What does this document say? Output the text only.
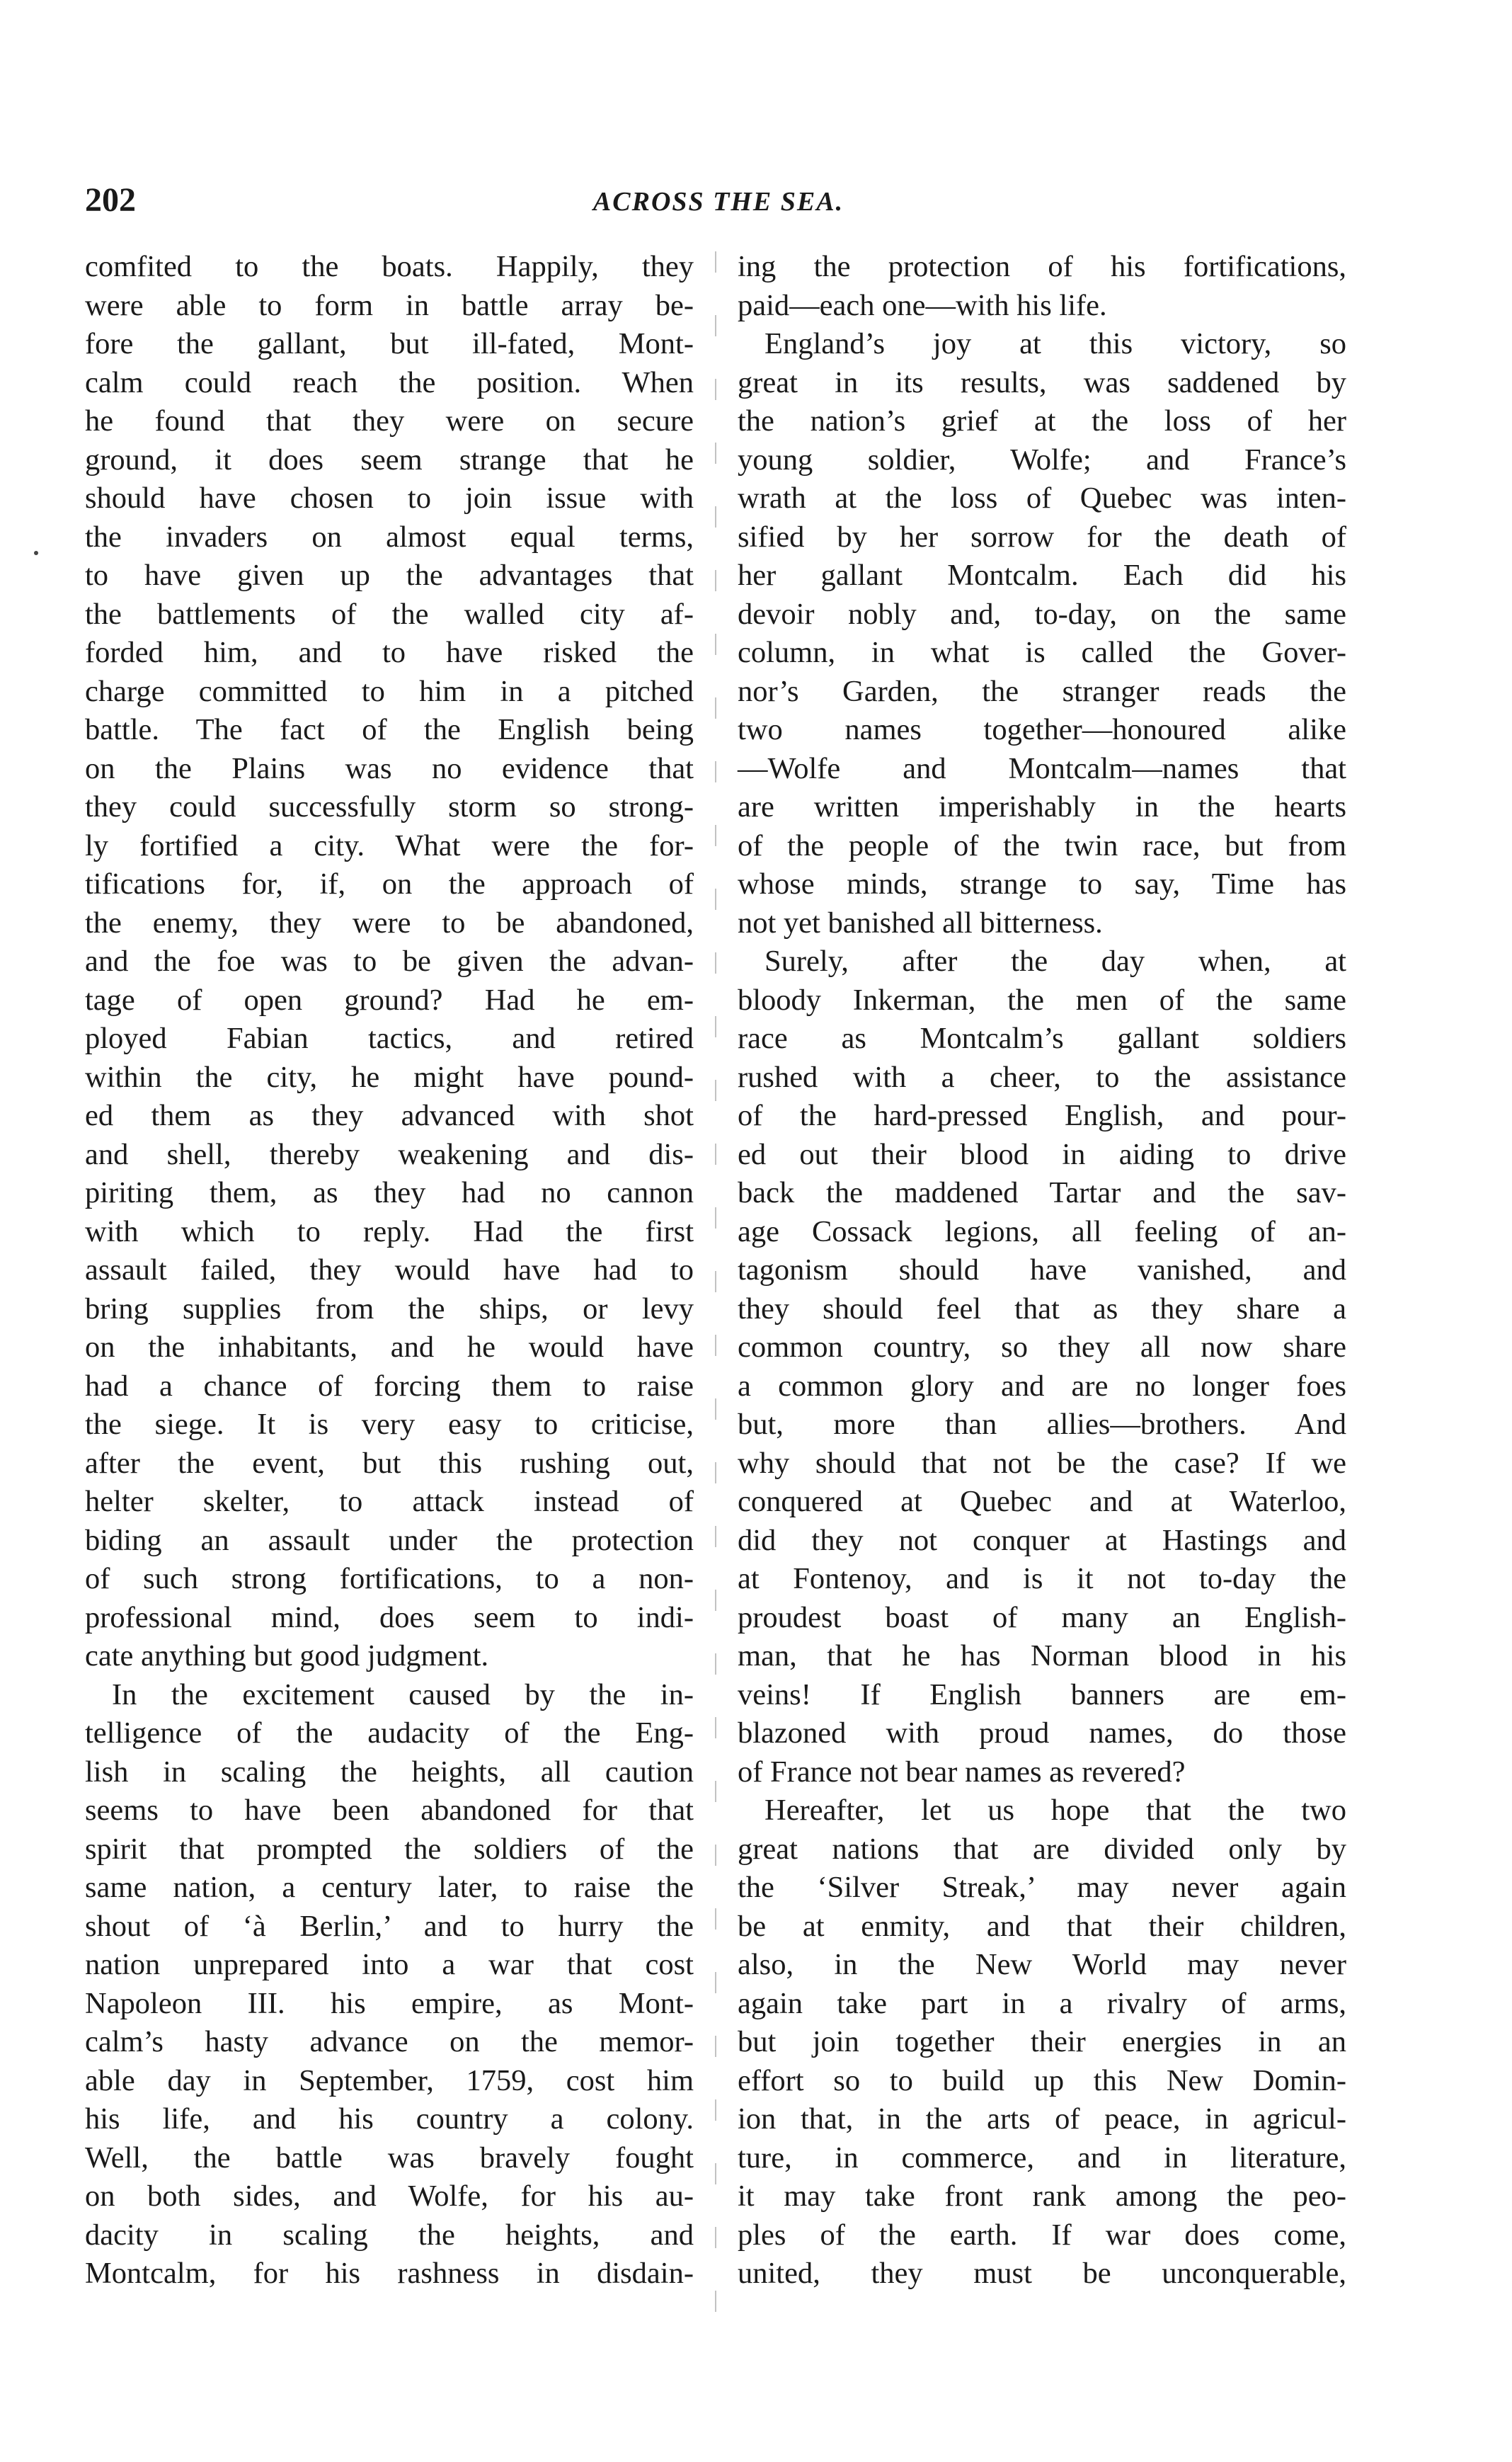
202	ACROSS THE SEA.
comfited to the boats. Happily, they
were able to form in battle array be-
fore the gallant, but ill-fated, Mont-
calm could reach the position. When
he found that they were on secure
ground, it does seem strange that he
should have chosen to join issue with
the invaders on almost equal terms,
to have given up the advantages that
the battlements of the walled city af-
forded him, and to have risked the
charge committed to him in a pitched
battle. The fact of the English being
on the Plains was no evidence that
they could successfully storm so strong-
ly fortified a city. What were the for-
tifications for, if, on the approach of
the enemy, they were to be abandoned,
and the foe was to be given the advan-
tage of open ground? Had he em-
ployed Fabian tactics, and retired
within the city, he might have pound-
ed them as they advanced with shot
and shell, thereby weakening and dis-
piriting them, as they had no cannon
with which to reply. Had the first
assault failed, they would have had to
bring supplies from the ships, or levy
on the inhabitants, and he would have
had a chance of forcing them to raise
the siege. It is very easy to criticise,
after the event, but this rushing out,
helter skelter, to attack instead of
biding an assault under the protection
of such strong fortifications, to a non-
professional mind, does seem to indi-
cate anything but good judgment.
In the excitement caused by the in-
telligence of the audacity of the Eng-
lish in scaling the heights, all caution
seems to have been abandoned for that
spirit that prompted the soldiers of the
same nation, a century later, to raise the
shout of ‘à Berlin,’ and to hurry the
nation unprepared into a war that cost
Napoleon III. his empire, as Mont-
calm’s hasty advance on the memor-
able day in September, 1759, cost him
his life, and his country a colony.
Well, the battle was bravely fought
on both sides, and Wolfe, for his au-
dacity in scaling the heights, and
Montcalm, for his rashness in disdain-
ing the protection of his fortifications,
paid—each one—with his life.
England’s joy at this victory, so
great in its results, was saddened by
the nation’s grief at the loss of her
young soldier, Wolfe; and France’s
wrath at the loss of Quebec was inten-
sified by her sorrow for the death of
her gallant Montcalm. Each did his
devoir nobly and, to-day, on the same
column, in what is called the Gover-
nor’s Garden, the stranger reads the
two names together—honoured alike
—Wolfe and Montcalm—names that
are written imperishably in the hearts
of the people of the twin race, but from
whose minds, strange to say, Time has
not yet banished all bitterness.
Surely, after the day when, at
bloody Inkerman, the men of the same
race as Montcalm’s gallant soldiers
rushed with a cheer, to the assistance
of the hard-pressed English, and pour-
ed out their blood in aiding to drive
back the maddened Tartar and the sav-
age Cossack legions, all feeling of an-
tagonism should have vanished, and
they should feel that as they share a
common country, so they all now share
a common glory and are no longer foes
but, more than allies—brothers. And
why should that not be the case? If we
conquered at Quebec and at Waterloo,
did they not conquer at Hastings and
at Fontenoy, and is it not to-day the
proudest boast of many an English-
man, that he has Norman blood in his
veins! If English banners are em-
blazoned with proud names, do those
of France not bear names as revered?
Hereafter, let us hope that the two
great nations that are divided only by
the ‘Silver Streak,’ may never again
be at enmity, and that their children,
also, in the New World may never
again take part in a rivalry of arms,
but join together their energies in an
effort so to build up this New Domin-
ion that, in the arts of peace, in agricul-
ture, in commerce, and in literature,
it may take front rank among the peo-
ples of the earth. If war does come,
united, they must be unconquerable,
